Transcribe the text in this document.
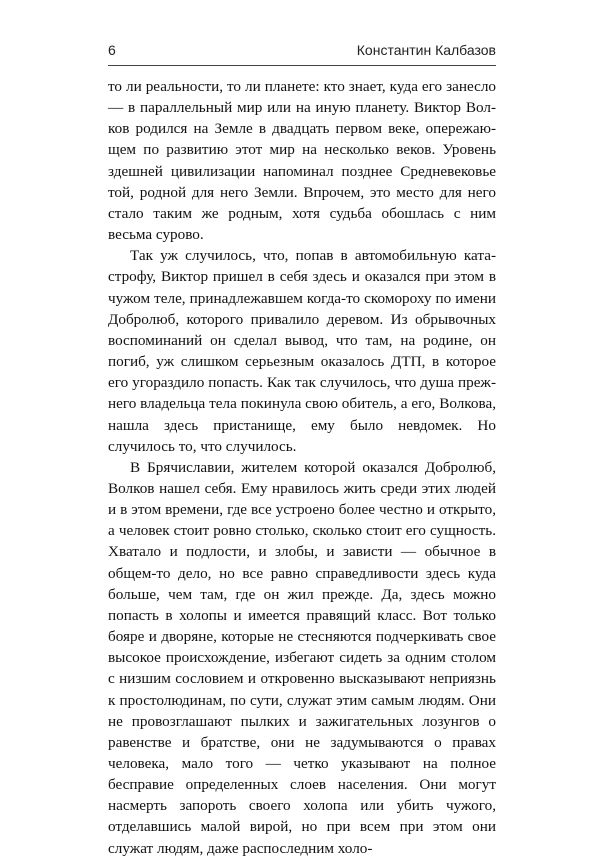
6	Константин Калбазов

то ли реальности, то ли планете: кто знает, куда его занесло — в параллельный мир или на иную планету. Виктор Волков родился на Земле в двадцать первом веке, опережающем по развитию этот мир на несколько веков. Уровень здешней цивилизации напоминал позднее Средневековье той, родной для него Земли. Впрочем, это место для него стало таким же родным, хотя судьба обошлась с ним весьма сурово.

Так уж случилось, что, попав в автомобильную катастрофу, Виктор пришел в себя здесь и оказался при этом в чужом теле, принадлежавшем когда-то скомороху по имени Добролюб, которого привалило деревом. Из обрывочных воспоминаний он сделал вывод, что там, на родине, он погиб, уж слишком серьезным оказалось ДТП, в которое его угораздило попасть. Как так случилось, что душа прежнего владельца тела покинула свою обитель, а его, Волкова, нашла здесь пристанище, ему было невдомек. Но случилось то, что случилось.

В Брячиславии, жителем которой оказался Добролюб, Волков нашел себя. Ему нравилось жить среди этих людей и в этом времени, где все устроено более честно и открыто, а человек стоит ровно столько, сколько стоит его сущность. Хватало и подлости, и злобы, и зависти — обычное в общем-то дело, но все равно справедливости здесь куда больше, чем там, где он жил прежде. Да, здесь можно попасть в холопы и имеется правящий класс. Вот только бояре и дворяне, которые не стесняются подчеркивать свое высокое происхождение, избегают сидеть за одним столом с низшим сословием и откровенно высказывают неприязнь к простолюдинам, по сути, служат этим самым людям. Они не провозглашают пылких и зажигательных лозунгов о равенстве и братстве, они не задумываются о правах человека, мало того — четко указывают на полное бесправие определенных слоев населения. Они могут насмерть запороть своего холопа или убить чужого, отделавшись малой вирой, но при всем при этом они служат людям, даже распоследним холо-
